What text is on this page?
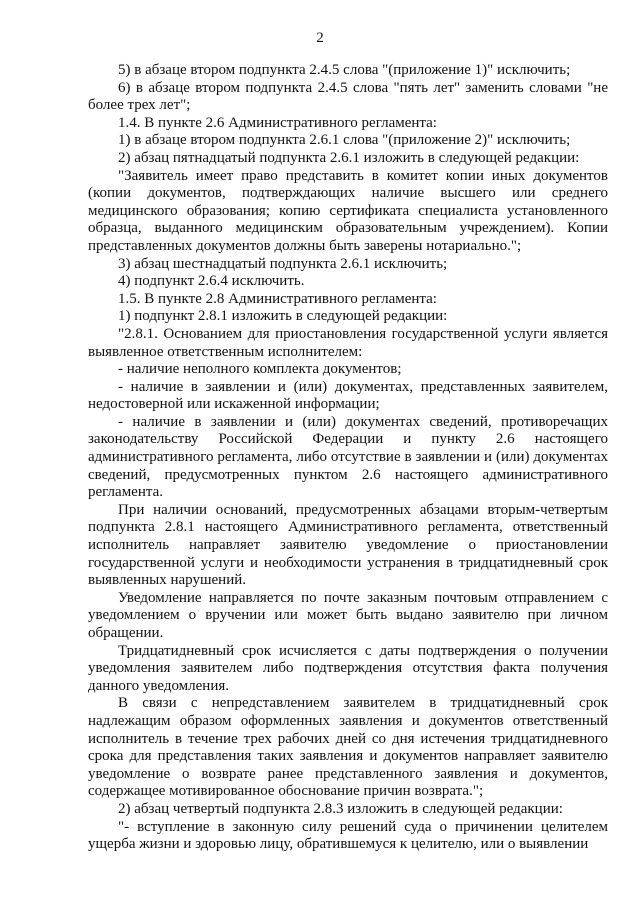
2

5) в абзаце втором подпункта 2.4.5 слова "(приложение 1)" исключить;

6) в абзаце втором подпункта 2.4.5 слова "пять лет" заменить словами "не более трех лет";

1.4. В пункте 2.6 Административного регламента:

1) в абзаце втором подпункта 2.6.1 слова "(приложение 2)" исключить;

2) абзац пятнадцатый подпункта 2.6.1 изложить в следующей редакции:

"Заявитель имеет право представить в комитет копии иных документов (копии документов, подтверждающих наличие высшего или среднего медицинского образования; копию сертификата специалиста установленного образца, выданного медицинским образовательным учреждением). Копии представленных документов должны быть заверены нотариально.";

3) абзац шестнадцатый подпункта 2.6.1 исключить;

4) подпункт 2.6.4 исключить.

1.5. В пункте 2.8 Административного регламента:

1) подпункт 2.8.1 изложить в следующей редакции:

"2.8.1. Основанием для приостановления государственной услуги является выявленное ответственным исполнителем:

- наличие неполного комплекта документов;

- наличие в заявлении и (или) документах, представленных заявителем, недостоверной или искаженной информации;

- наличие в заявлении и (или) документах сведений, противоречащих законодательству Российской Федерации и пункту 2.6 настоящего административного регламента, либо отсутствие в заявлении и (или) документах сведений, предусмотренных пунктом 2.6 настоящего административного регламента.

При наличии оснований, предусмотренных абзацами вторым-четвертым подпункта 2.8.1 настоящего Административного регламента, ответственный исполнитель направляет заявителю уведомление о приостановлении государственной услуги и необходимости устранения в тридцатидневный срок выявленных нарушений.

Уведомление направляется по почте заказным почтовым отправлением с уведомлением о вручении или может быть выдано заявителю при личном обращении.

Тридцатидневный срок исчисляется с даты подтверждения о получении уведомления заявителем либо подтверждения отсутствия факта получения данного уведомления.

В связи с непредставлением заявителем в тридцатидневный срок надлежащим образом оформленных заявления и документов ответственный исполнитель в течение трех рабочих дней со дня истечения тридцатидневного срока для представления таких заявления и документов направляет заявителю уведомление о возврате ранее представленного заявления и документов, содержащее мотивированное обоснование причин возврата.";

2) абзац четвертый подпункта 2.8.3 изложить в следующей редакции:

"- вступление в законную силу решений суда о причинении целителем ущерба жизни и здоровью лицу, обратившемуся к целителю, или о выявлении
